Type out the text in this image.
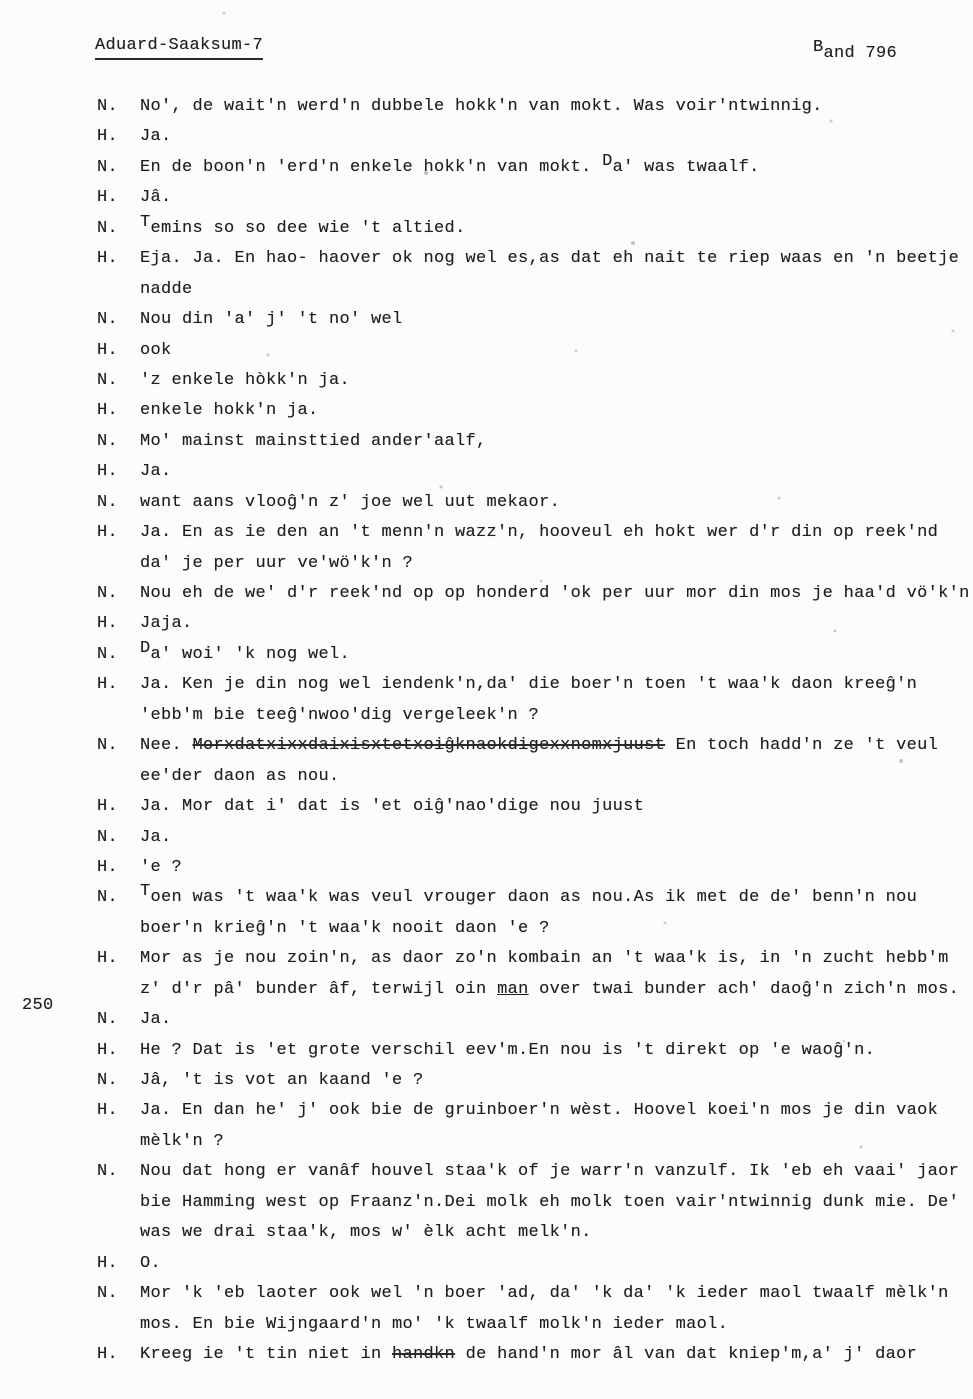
Aduard-Saaksum-7	Band 796
250
N.	No', de wait'n werd'n dubbele hokk'n van mokt. Was voir'ntwinnig.
H.	Ja.
N.	En de boon'n 'erd'n enkele hokk'n van mokt. Da' was twaalf.
H.	Jâ.
N.	Temins so so dee wie 't altied.
H.	Eja. Ja. En hao- haover ok nog wel es,as dat eh nait te riep waas en 'n beetje
nadde
N.	Nou din 'a' j' 't no' wel
H.	ook
N.	'z enkele hòkk'n ja.
H.	enkele hokk'n ja.
N.	Mo' mainst mainsttied ander'aalf,
H.	Ja.
N.	want aans vlooĝ'n z' joe wel uut mekaor.
H.	Ja. En as ie den an 't menn'n wazz'n, hooveul eh hokt wer d'r din op reek'nd
da' je per uur ve'wö'k'n ?
N.	Nou eh de we' d'r reek'nd op op honderd 'ok per uur mor din mos je haa'd vö'k'n
H.	Jaja.
N.	Da' woi' 'k nog wel.
H.	Ja. Ken je din nog wel iendenk'n,da' die boer'n toen 't waa'k daon kreeĝ'n
'ebb'm bie teeĝ'nwoo'dig vergeleek'n ?
N.	Nee. Morxdatxixxdaixisxtetxoiĝknaokdigexxnomxjuust En toch hadd'n ze 't veul
ee'der daon as nou.
H.	Ja. Mor dat i' dat is 'et oiĝ'nao'dige nou juust
N.	Ja.
H.	'e ?
N.	Toen was 't waa'k was veul vrouger daon as nou.As ik met de de' benn'n nou
boer'n krieĝ'n 't waa'k nooit daon 'e ?
H.	Mor as je nou zoin'n, as daor zo'n kombain an 't waa'k is, in 'n zucht hebb'm
z' d'r pâ' bunder âf, terwijl oin man over twai bunder ach' daoĝ'n zich'n mos.
N.	Ja.
H.	He ? Dat is 'et grote verschil eev'm.En nou is 't direkt op 'e waoĝ'n.
N.	Jâ, 't is vot an kaand 'e ?
H.	Ja. En dan he' j' ook bie de gruinboer'n wèst. Hoovel koei'n mos je din vaok
mèlk'n ?
N.	Nou dat hong er vanâf houvel staa'k of je warr'n vanzulf. Ik 'eb eh vaai' jaor
bie Hamming west op Fraanz'n.Dei molk eh molk toen vair'ntwinnig dunk mie. De'
was we drai staa'k, mos w' èlk acht melk'n.
H.	O.
N.	Mor 'k 'eb laoter ook wel 'n boer 'ad, da' 'k da' 'k ieder maol twaalf mèlk'n
mos. En bie Wijngaard'n mo' 'k twaalf molk'n ieder maol.
H.	Kreeg ie 't tin niet in handkn de hand'n mor âl van dat kniep'm,a' j' daor
